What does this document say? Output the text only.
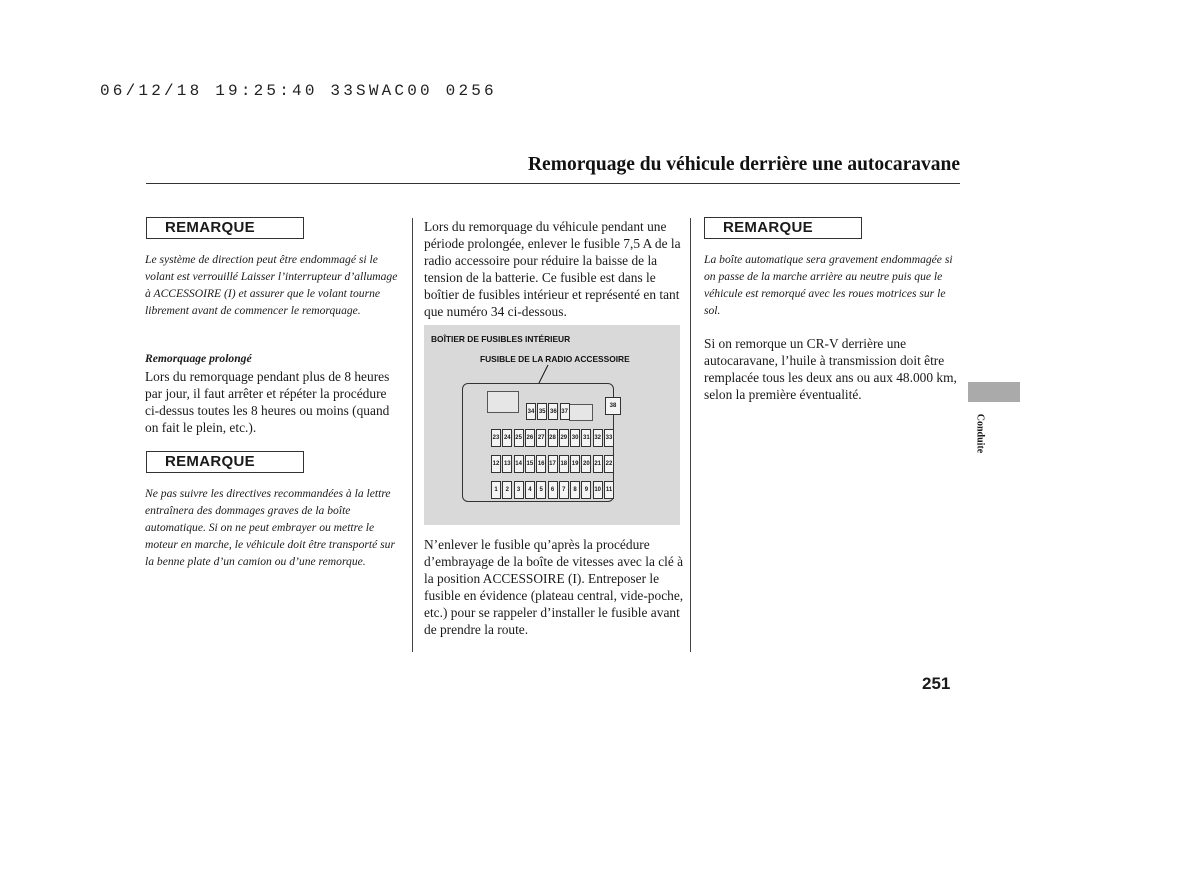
06/12/18 19:25:40 33SWAC00 0256
Remorquage du véhicule derrière une autocaravane
REMARQUE
Le système de direction peut être endommagé si le volant est verrouillé Laisser l’interrupteur d’allumage à ACCESSOIRE (I) et assurer que le volant tourne librement avant de commencer le remorquage.
Remorquage prolongé
Lors du remorquage pendant plus de 8 heures par jour, il faut arrêter et répéter la procédure ci-dessus toutes les 8 heures ou moins (quand on fait le plein, etc.).
REMARQUE
Ne pas suivre les directives recommandées à la lettre entraînera des dommages graves de la boîte automatique. Si on ne peut embrayer ou mettre le moteur en marche, le véhicule doit être transporté sur la benne plate d’un camion ou d’une remorque.
Lors du remorquage du véhicule pendant une période prolongée, enlever le fusible 7,5 A de la radio accessoire pour réduire la baisse de la tension de la batterie. Ce fusible est dans le boîtier de fusibles intérieur et représenté en tant que numéro 34 ci-dessous.
BOÎTIER DE FUSIBLES INTÉRIEUR
FUSIBLE DE LA RADIO ACCESSOIRE
38
34 35 36 37
23 24 25 26 27 28 29 30 31 32 33
12 13 14 15 16 17 18 19 20 21 22
1	2	3	4	5	6	7	8	9	10 11
N’enlever le fusible qu’après la procédure d’embrayage de la boîte de vitesses avec la clé à la position ACCESSOIRE (I). Entreposer le fusible en évidence (plateau central, vide-poche, etc.) pour se rappeler d’installer le fusible avant de prendre la route.
REMARQUE
La boîte automatique sera gravement endommagée si on passe de la marche arrière au neutre puis que le véhicule est remorqué avec les roues motrices sur le sol.
Si on remorque un CR-V derrière une autocaravane, l’huile à transmission doit être remplacée tous les deux ans ou aux 48.000 km, selon la première éventualité.
Conduite
251
